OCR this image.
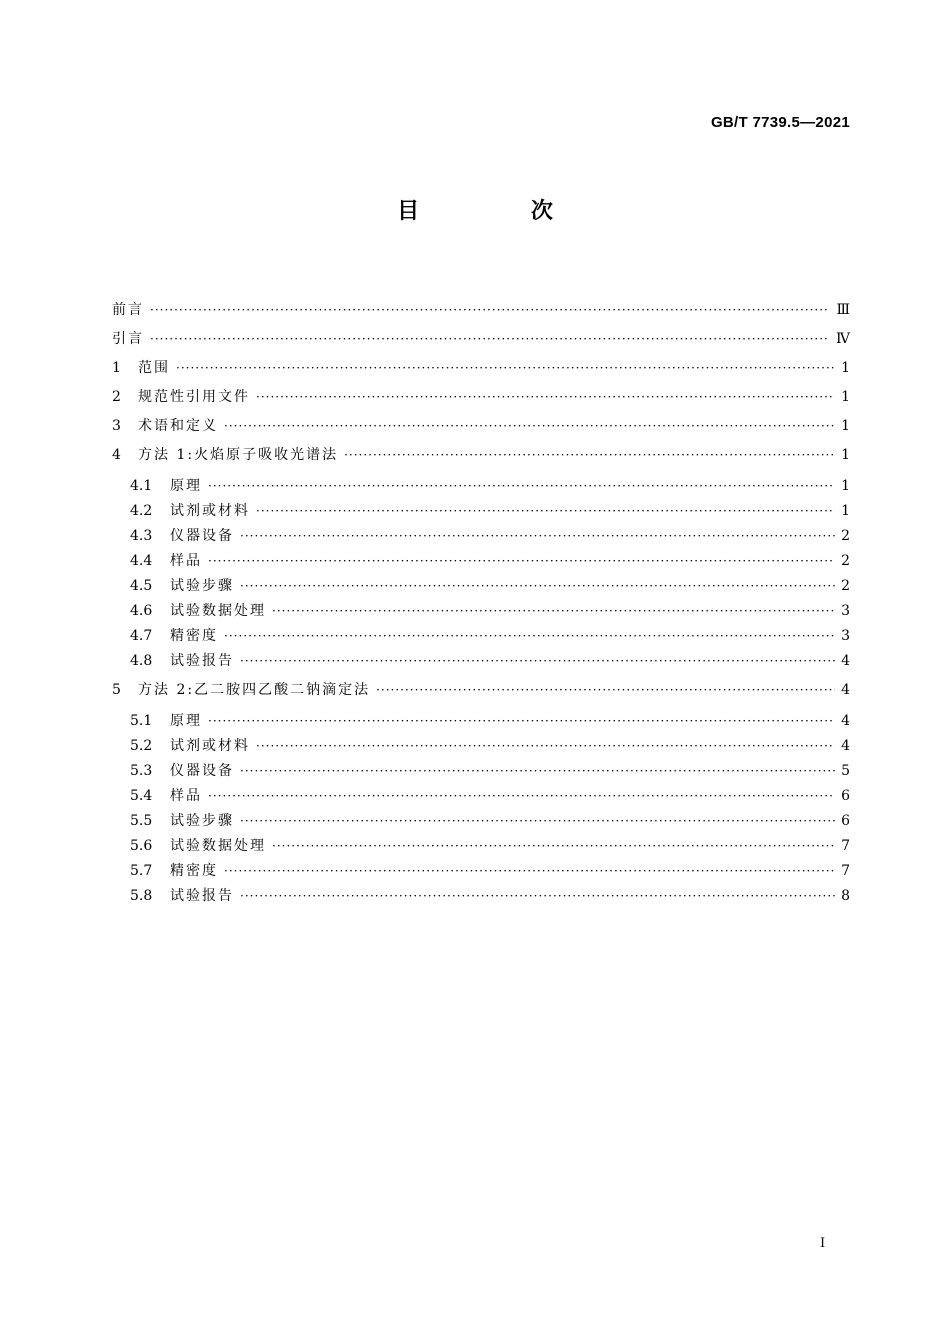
GB/T 7739.5—2021
目 次
前言 ·····	Ⅲ
引言 ·····	Ⅳ
1	范围 ·····	1
2	规范性引用文件 ·····	1
3	术语和定义 ·····	1
4	方法 1:火焰原子吸收光谱法 ·····	1
4.1	原理 ·····	1
4.2	试剂或材料 ·····	1
4.3	仪器设备 ·····	2
4.4	样品 ·····	2
4.5	试验步骤 ·····	2
4.6	试验数据处理 ·····	3
4.7	精密度 ·····	3
4.8	试验报告 ·····	4
5	方法 2:乙二胺四乙酸二钠滴定法 ·····	4
5.1	原理 ·····	4
5.2	试剂或材料 ·····	4
5.3	仪器设备 ·····	5
5.4	样品 ·····	6
5.5	试验步骤 ·····	6
5.6	试验数据处理 ·····	7
5.7	精密度 ·····	7
5.8	试验报告 ·····	8
Ⅰ
